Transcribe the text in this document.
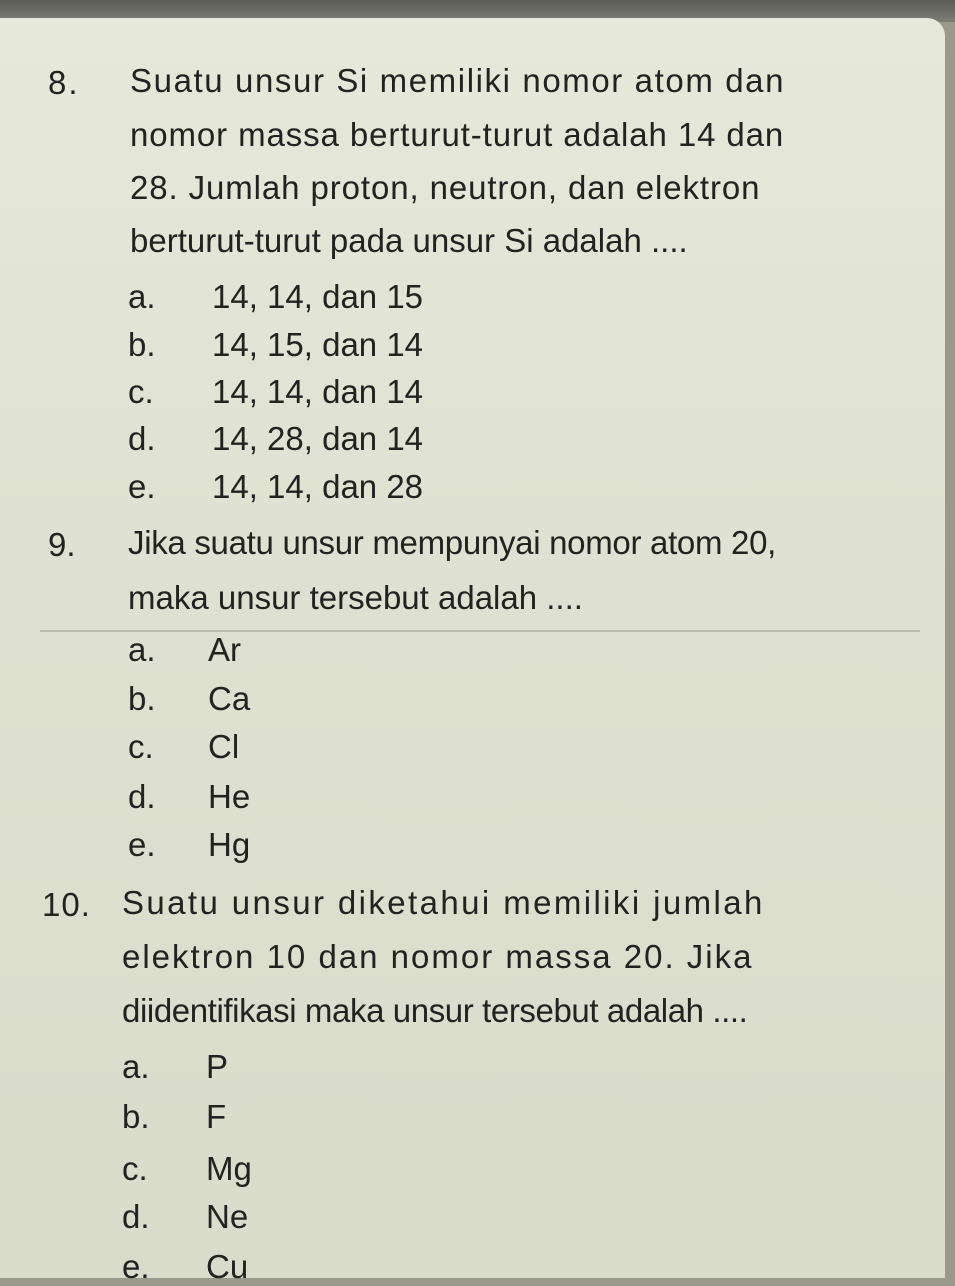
8. Suatu unsur Si memiliki nomor atom dan
nomor massa berturut-turut adalah 14 dan
28. Jumlah proton, neutron, dan elektron
berturut-turut pada unsur Si adalah ....
a. 14, 14, dan 15
b. 14, 15, dan 14
c. 14, 14, dan 14
d. 14, 28, dan 14
e. 14, 14, dan 28
9. Jika suatu unsur mempunyai nomor atom 20,
maka unsur tersebut adalah ....
a. Ar
b. Ca
c. Cl
d. He
e. Hg
10. Suatu unsur diketahui memiliki jumlah
elektron 10 dan nomor massa 20. Jika
diidentifikasi maka unsur tersebut adalah ....
a. P
b. F
c. Mg
d. Ne
e. Cu
